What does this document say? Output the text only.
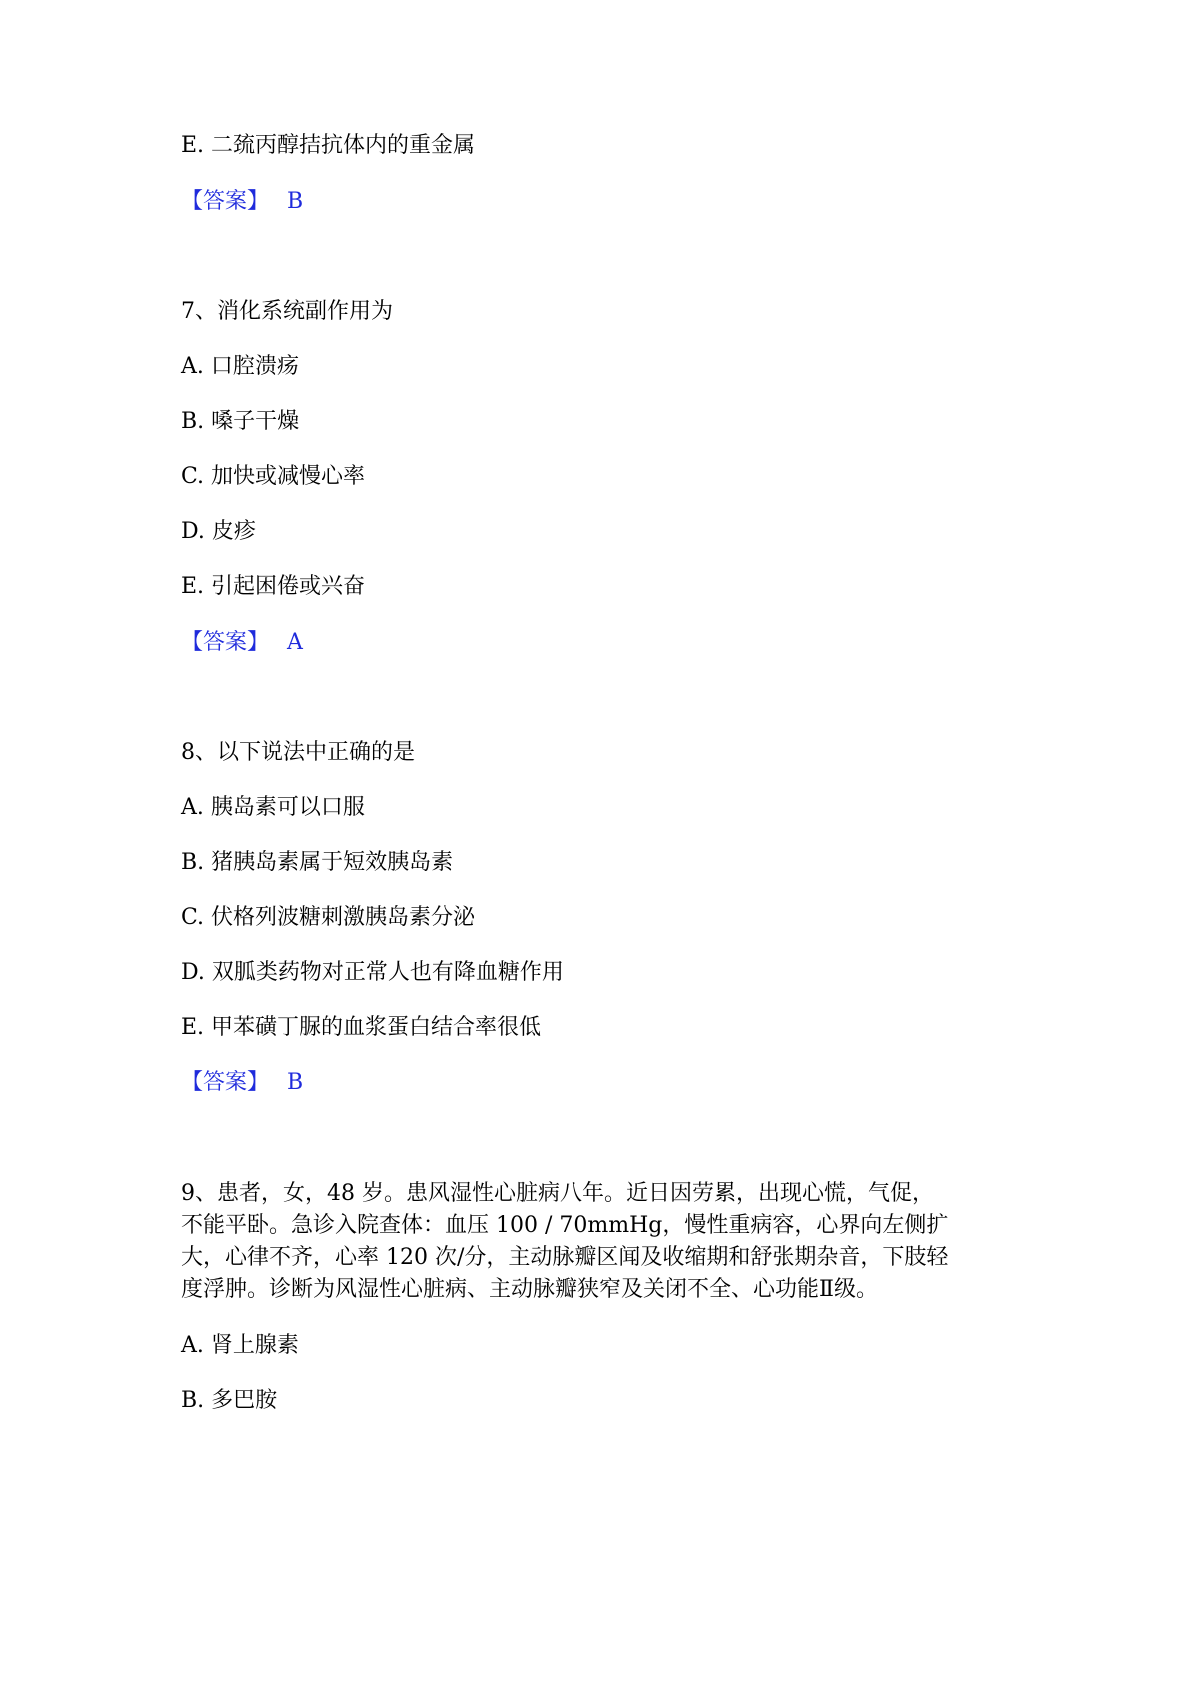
E. 二巯丙醇拮抗体内的重金属
【答案】 B
7、消化系统副作用为
A. 口腔溃疡
B. 嗓子干燥
C. 加快或减慢心率
D. 皮疹
E. 引起困倦或兴奋
【答案】 A
8、以下说法中正确的是
A. 胰岛素可以口服
B. 猪胰岛素属于短效胰岛素
C. 伏格列波糖刺激胰岛素分泌
D. 双胍类药物对正常人也有降血糖作用
E. 甲苯磺丁脲的血浆蛋白结合率很低
【答案】 B
9、患者，女，48 岁。患风湿性心脏病八年。近日因劳累，出现心慌，气促，
不能平卧。急诊入院查体：血压 100 / 70mmHg，慢性重病容，心界向左侧扩
大，心律不齐，心率 120 次/分，主动脉瓣区闻及收缩期和舒张期杂音，下肢轻
度浮肿。诊断为风湿性心脏病、主动脉瓣狭窄及关闭不全、心功能Ⅱ级。
A. 肾上腺素
B. 多巴胺
